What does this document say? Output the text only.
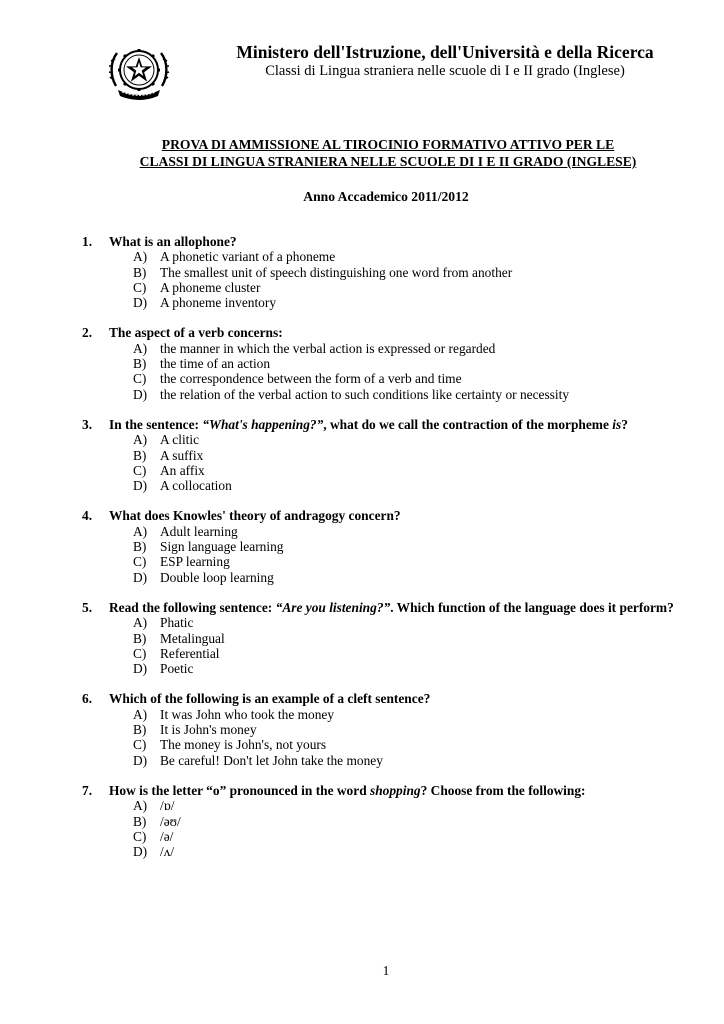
Ministero dell'Istruzione, dell'Università e della Ricerca
Classi di Lingua straniera nelle scuole di I e II grado (Inglese)
PROVA DI AMMISSIONE AL TIROCINIO FORMATIVO ATTIVO PER LE
CLASSI DI LINGUA STRANIERA NELLE SCUOLE DI I E II GRADO (INGLESE)
Anno Accademico 2011/2012
1. What is an allophone?
A) A phonetic variant of a phoneme
B) The smallest unit of speech distinguishing one word from another
C) A phoneme cluster
D) A phoneme inventory
2. The aspect of a verb concerns:
A) the manner in which the verbal action is expressed or regarded
B) the time of an action
C) the correspondence between the form of a verb and time
D) the relation of the verbal action to such conditions like certainty or necessity
3. In the sentence: “What's happening?”, what do we call the contraction of the morpheme is?
A) A clitic
B) A suffix
C) An affix
D) A collocation
4. What does Knowles' theory of andragogy concern?
A) Adult learning
B) Sign language learning
C) ESP learning
D) Double loop learning
5. Read the following sentence: “Are you listening?”. Which function of the language does it perform?
A) Phatic
B) Metalingual
C) Referential
D) Poetic
6. Which of the following is an example of a cleft sentence?
A) It was John who took the money
B) It is John's money
C) The money is John's, not yours
D) Be careful! Don't let John take the money
7. How is the letter “o” pronounced in the word shopping? Choose from the following:
A) /ɒ/
B) /əʊ/
C) /ə/
D) /ʌ/
1
